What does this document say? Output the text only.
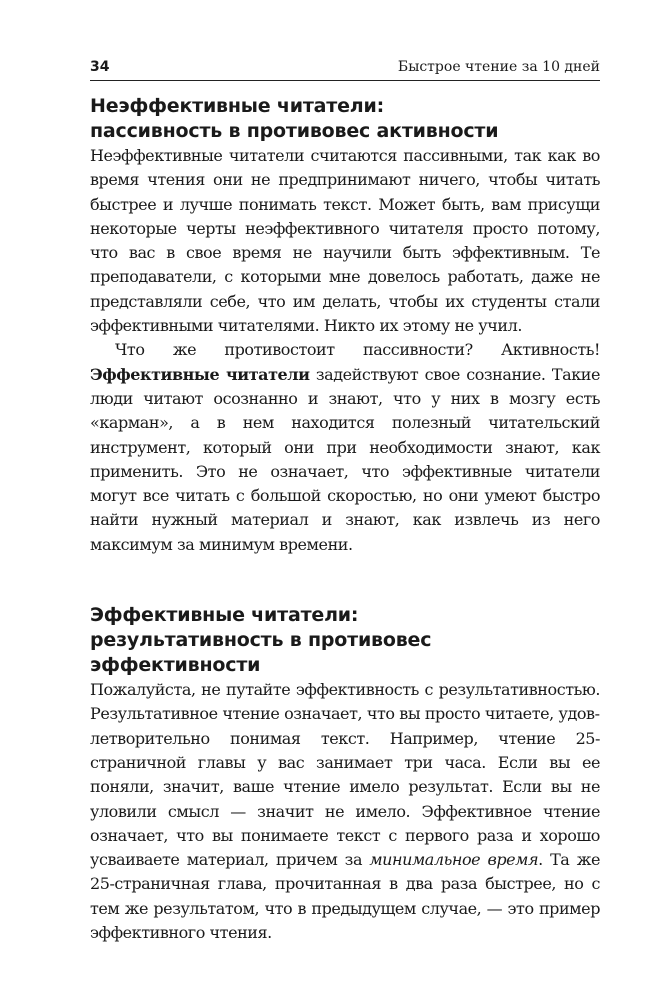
34	Быстрое чтение за 10 дней
Неэффективные читатели:
пассивность в противовес активности

Неэффективные читатели считаются пассивными, так как во время чтения они не предпринимают ничего, чтобы читать быстрее и лучше понимать текст. Может быть, вам присущи некоторые черты неэффективного читателя просто потому, что вас в свое время не научили быть эффективным. Те преподаватели, с которыми мне довелось работать, даже не представляли себе, что им делать, чтобы их студенты стали эффективными читателями. Никто их этому не учил.

Что же противостоит пассивности? Активность! Эффективные читатели задействуют свое сознание. Такие люди читают осознанно и знают, что у них в мозгу есть «карман», а в нем находится полезный читательский инструмент, который они при необходимости знают, как применить. Это не означает, что эффективные читатели могут все читать с большой скоростью, но они умеют быстро найти нужный материал и знают, как извлечь из него максимум за минимум времени.

Эффективные читатели:
результативность в противовес эффективности

Пожалуйста, не путайте эффективность с результативностью. Результативное чтение означает, что вы просто читаете, удовлетворительно понимая текст. Например, чтение 25-страничной главы у вас занимает три часа. Если вы ее поняли, значит, ваше чтение имело результат. Если вы не уловили смысл — значит не имело. Эффективное чтение означает, что вы понимаете текст с первого раза и хорошо усваиваете материал, причем за минимальное время. Та же 25-страничная глава, прочитанная в два раза быстрее, но с тем же результатом, что в предыдущем случае, — это пример эффективного чтения.
